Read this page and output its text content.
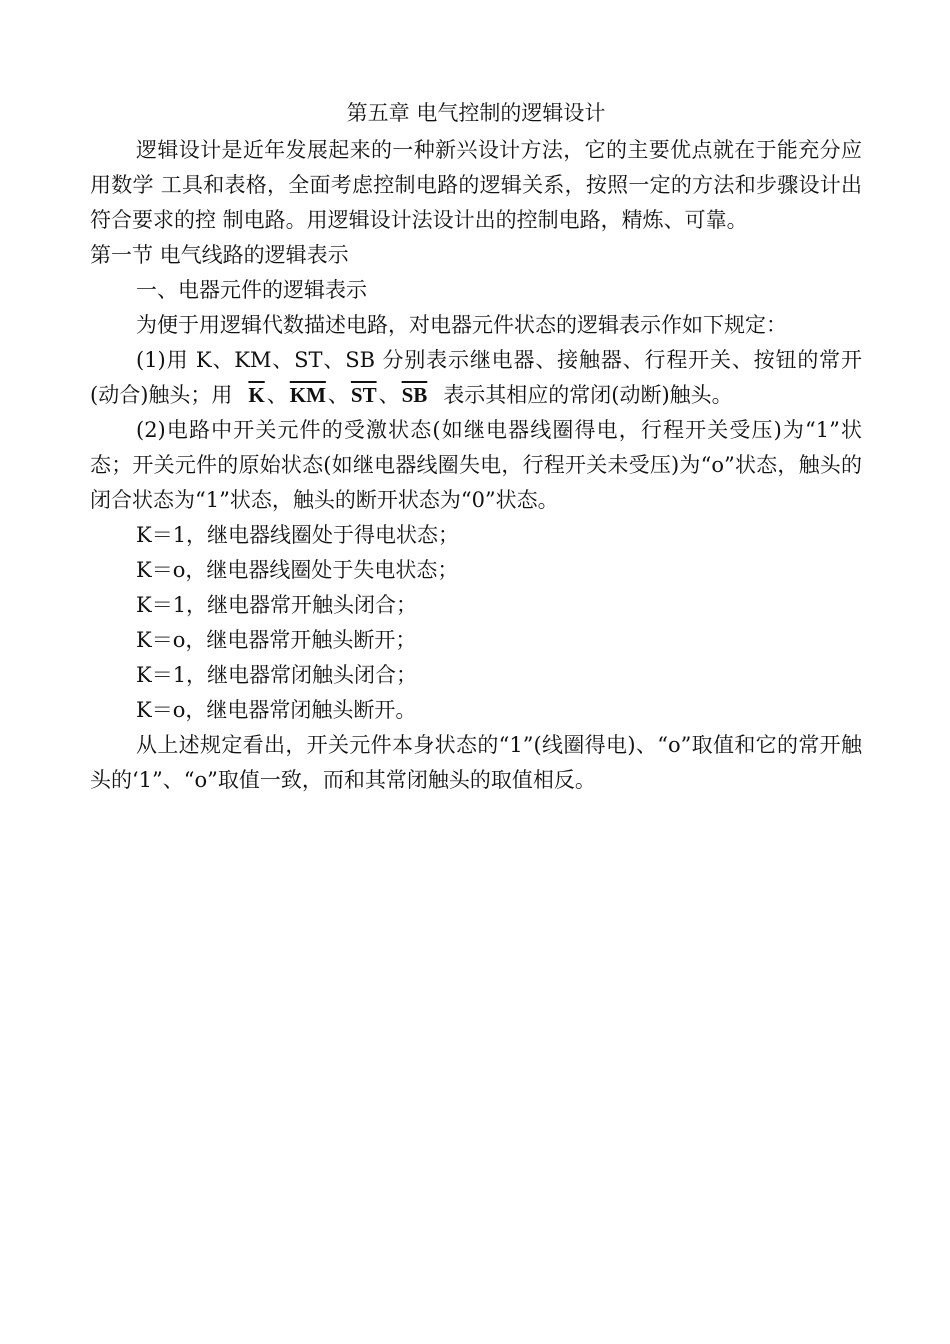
第五章 电气控制的逻辑设计

逻辑设计是近年发展起来的一种新兴设计方法，它的主要优点就在于能充分应用数学 工具和表格，全面考虑控制电路的逻辑关系，按照一定的方法和步骤设计出符合要求的控 制电路。用逻辑设计法设计出的控制电路，精炼、可靠。

第一节 电气线路的逻辑表示

一、电器元件的逻辑表示

为便于用逻辑代数描述电路，对电器元件状态的逻辑表示作如下规定：

(1)用 K、KM、ST、SB 分别表示继电器、接触器、行程开关、按钮的常开(动合)触头；用 $\overline{K}$、$\overline{KM}$、$\overline{ST}$、$\overline{SB}$ 表示其相应的常闭(动断)触头。

(2)电路中开关元件的受激状态(如继电器线圈得电，行程开关受压)为“1”状态；开关元件的原始状态(如继电器线圈失电，行程开关未受压)为“o”状态，触头的闭合状态为“1”状态，触头的断开状态为“0”状态。

K＝1，继电器线圈处于得电状态；

K＝o，继电器线圈处于失电状态；

K＝1，继电器常开触头闭合；

K＝o，继电器常开触头断开；

K＝1，继电器常闭触头闭合；

K＝o，继电器常闭触头断开。

从上述规定看出，开关元件本身状态的“1”(线圈得电)、“o”取值和它的常开触头的‘1”、“o”取值一致，而和其常闭触头的取值相反。
